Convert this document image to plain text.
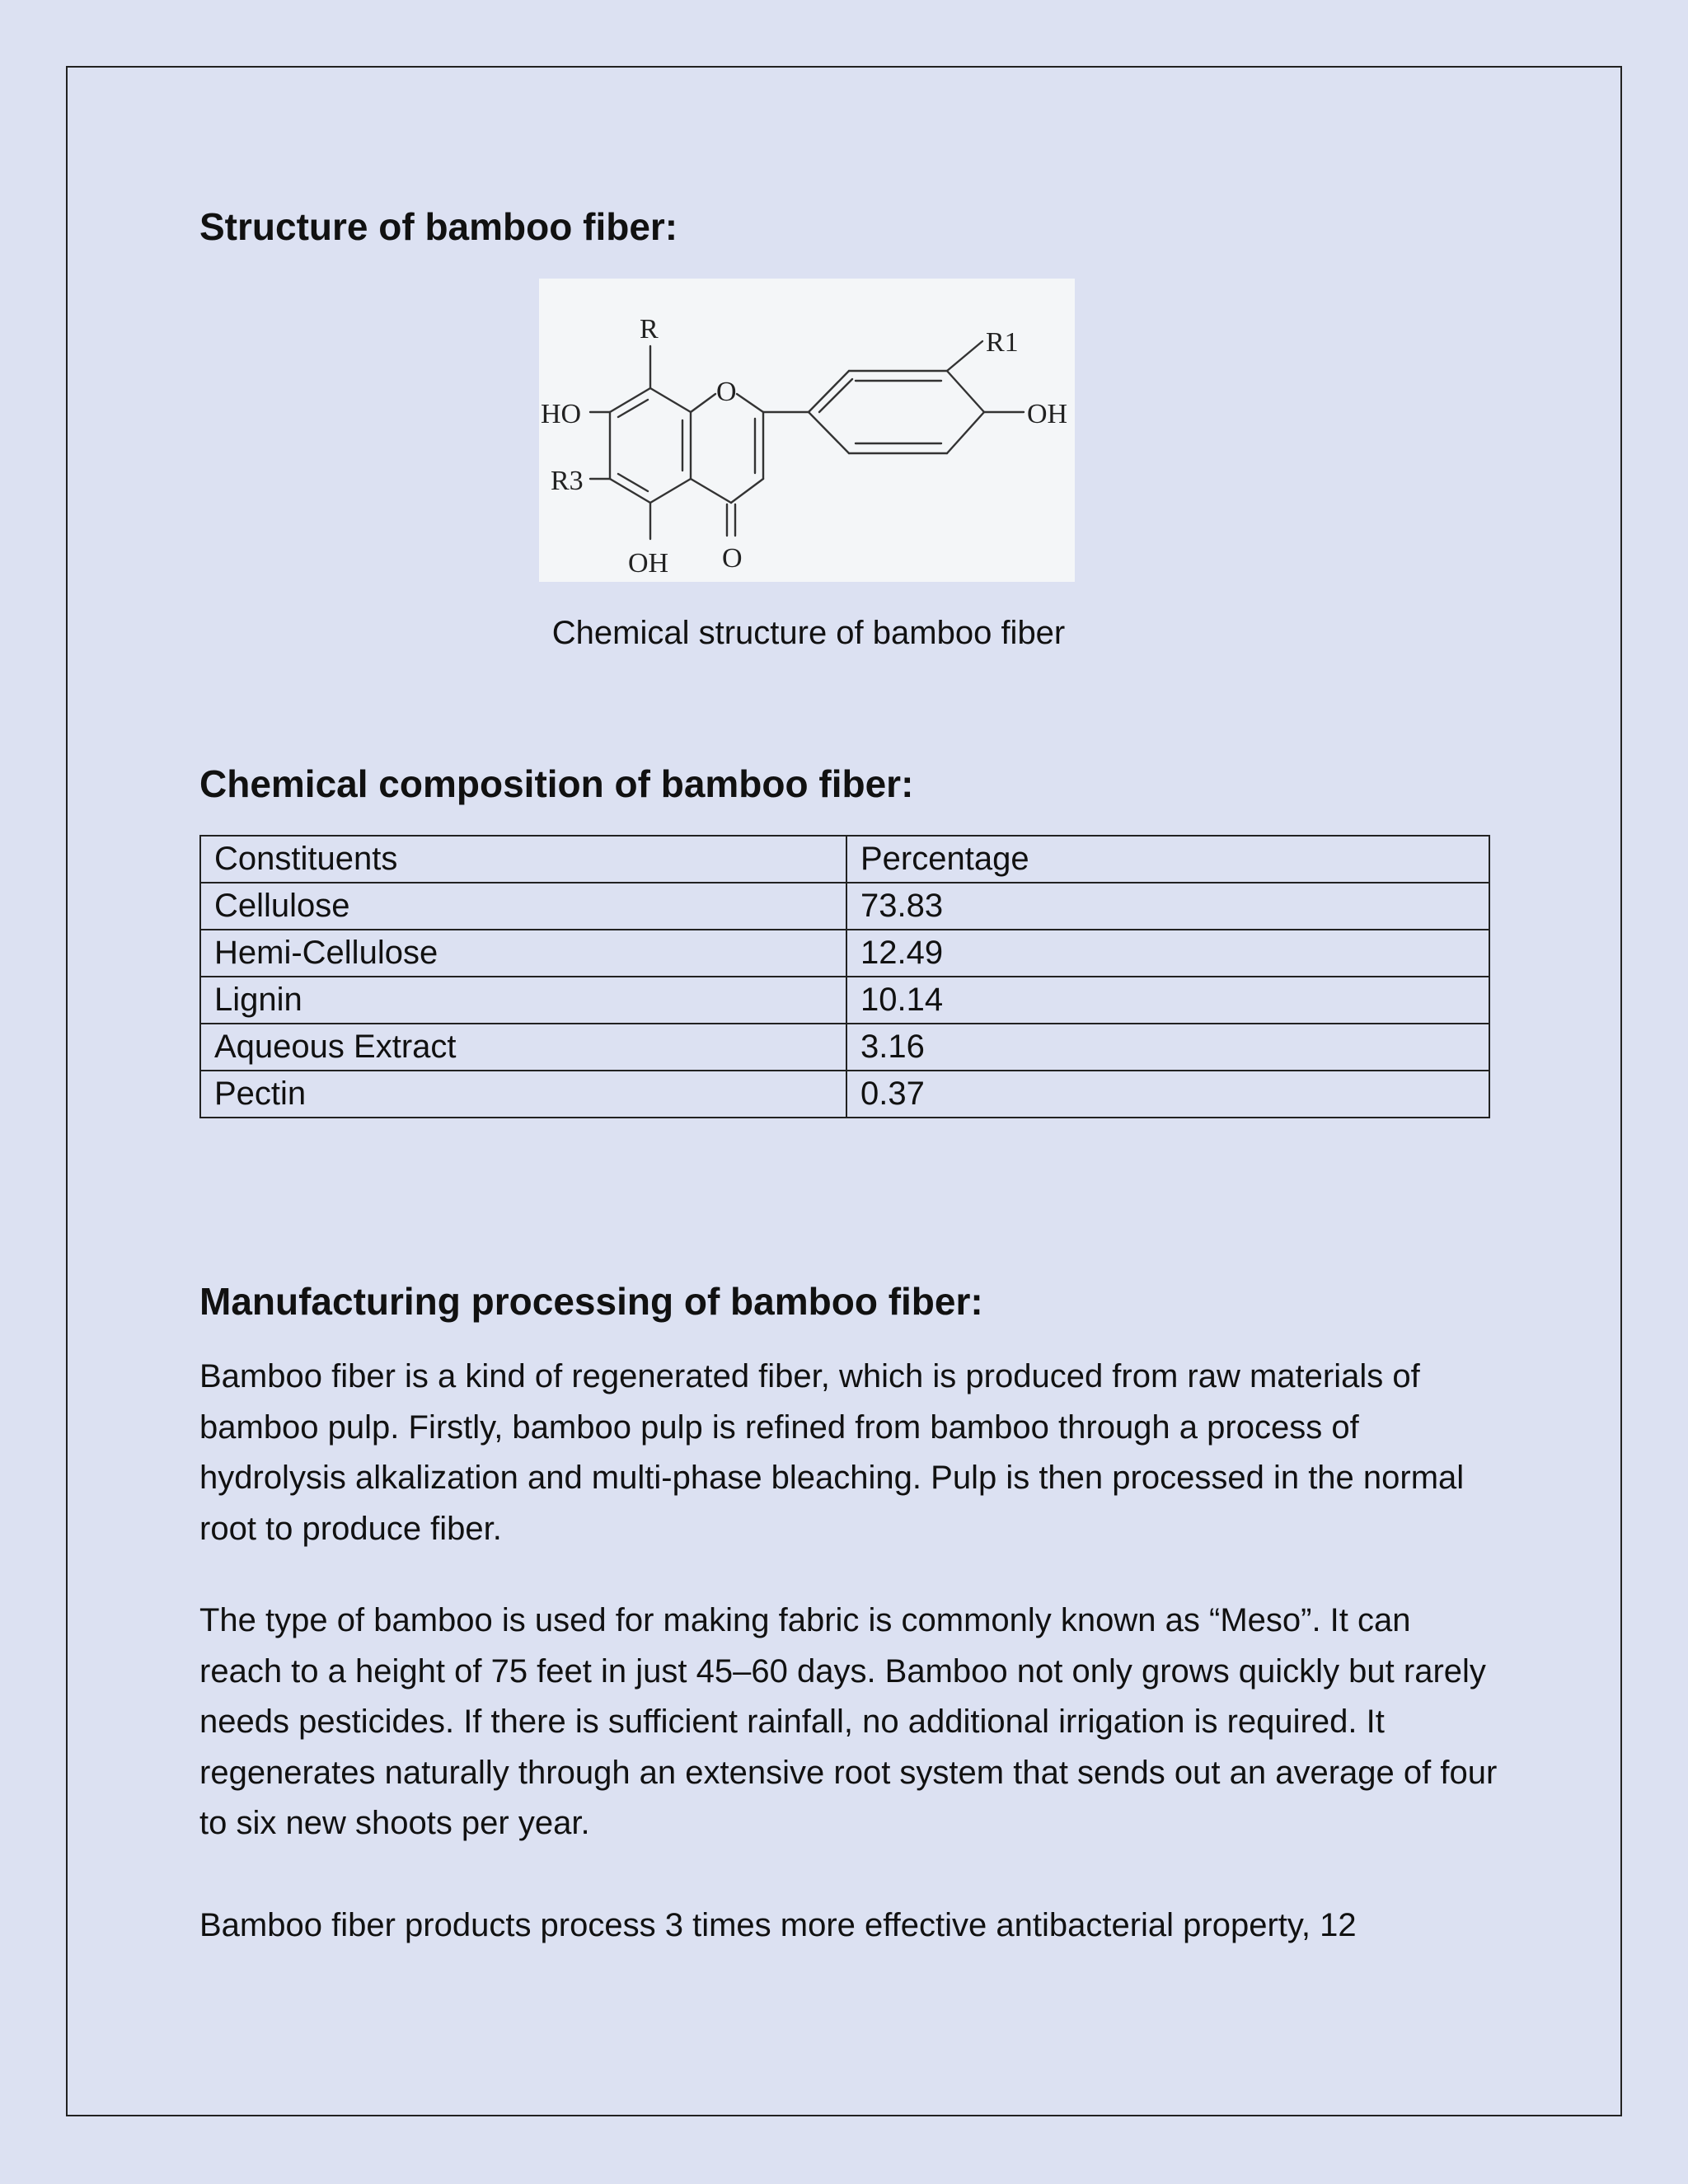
Structure of bamboo fiber:
R	R1
HO
R3
OH
OH
O
O

Chemical structure of bamboo fiber

Chemical composition of bamboo fiber:
Constituents	Percentage
Cellulose	73.83
Hemi-Cellulose	12.49
Lignin	10.14
Aqueous Extract	3.16
Pectin	0.37
Manufacturing processing of bamboo fiber:

Bamboo fiber is a kind of regenerated fiber, which is produced from raw materials of bamboo pulp. Firstly, bamboo pulp is refined from bamboo through a process of hydrolysis alkalization and multi-phase bleaching. Pulp is then processed in the normal root to produce fiber.

The type of bamboo is used for making fabric is commonly known as “Meso”. It can reach to a height of 75 feet in just 45–60 days. Bamboo not only grows quickly but rarely needs pesticides. If there is sufficient rainfall, no additional irrigation is required. It regenerates naturally through an extensive root system that sends out an average of four to six new shoots per year.

Bamboo fiber products process 3 times more effective antibacterial property, 12
